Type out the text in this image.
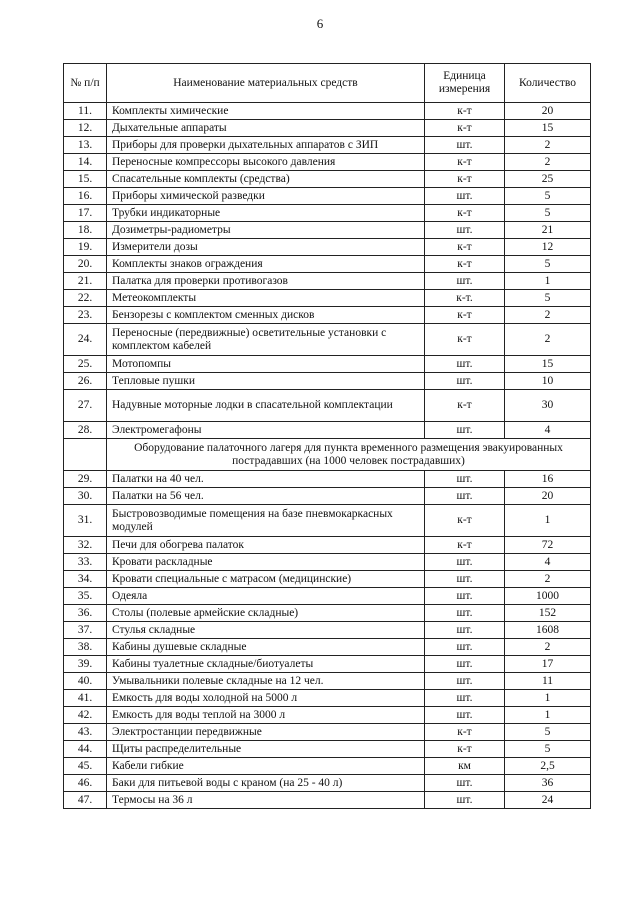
6
№ п/п	Наименование материальных средств	Единица измерения	Количество
11.	Комплекты химические	к-т	20
12.	Дыхательные аппараты	к-т	15
13.	Приборы для проверки дыхательных аппаратов с ЗИП	шт.	2
14.	Переносные компрессоры высокого давления	к-т	2
15.	Спасательные комплекты (средства)	к-т	25
16.	Приборы химической разведки	шт.	5
17.	Трубки индикаторные	к-т	5
18.	Дозиметры-радиометры	шт.	21
19.	Измерители дозы	к-т	12
20.	Комплекты знаков ограждения	к-т	5
21.	Палатка для проверки противогазов	шт.	1
22.	Метеокомплекты	к-т.	5
23.	Бензорезы с комплектом сменных дисков	к-т	2
24.	Переносные (передвижные) осветительные установки с комплектом кабелей	к-т	2
25.	Мотопомпы	шт.	15
26.	Тепловые пушки	шт.	10
27.	Надувные моторные лодки в спасательной комплектации	к-т	30
28.	Электромегафоны	шт.	4
	Оборудование палаточного лагеря для пункта временного размещения эвакуированных пострадавших (на 1000 человек пострадавших)		
29.	Палатки на 40 чел.	шт.	16
30.	Палатки на 56 чел.	шт.	20
31.	Быстровозводимые помещения на базе пневмокаркасных модулей	к-т	1
32.	Печи для обогрева палаток	к-т	72
33.	Кровати раскладные	шт.	4
34.	Кровати специальные с матрасом (медицинские)	шт.	2
35.	Одеяла	шт.	1000
36.	Столы (полевые армейские складные)	шт.	152
37.	Стулья складные	шт.	1608
38.	Кабины душевые складные	шт.	2
39.	Кабины туалетные складные/биотуалеты	шт.	17
40.	Умывальники полевые складные на 12 чел.	шт.	11
41.	Емкость для воды холодной на 5000 л	шт.	1
42.	Емкость для воды теплой на 3000 л	шт.	1
43.	Электростанции передвижные	к-т	5
44.	Щиты распределительные	к-т	5
45.	Кабели гибкие	км	2,5
46.	Баки для питьевой воды с краном (на 25 - 40 л)	шт.	36
47.	Термосы на 36 л	шт.	24
